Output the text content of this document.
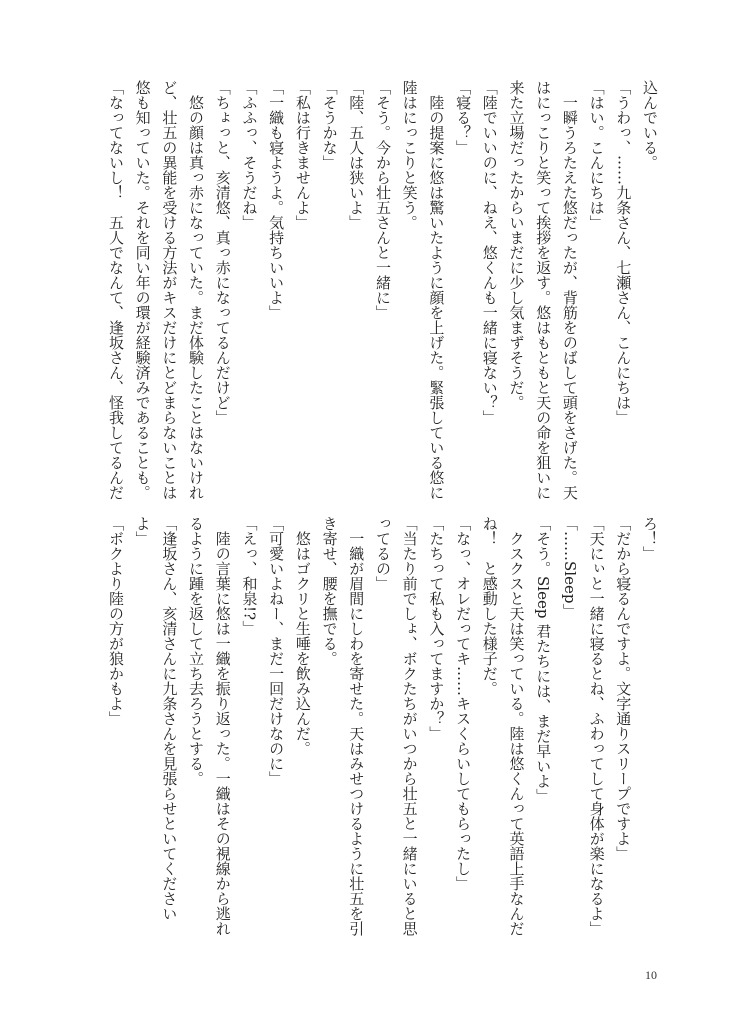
込んでいる。
「うわっ、……九条さん、七瀬さん、こんにちは」
「はい。こんにちは」
　一瞬うろたえた悠だったが、背筋をのばして頭をさげた。天
はにっこりと笑って挨拶を返す。悠はもともと天の命を狙いに
来た立場だったからいまだに少し気まずそうだ。
「陸でいいのに、ねえ、悠くんも一緒に寝ない？」
「寝る？」
　陸の提案に悠は驚いたように顔を上げた。緊張している悠に
陸はにっこりと笑う。
「そう。今から壮五さんと一緒に」
「陸、五人は狭いよ」
「そうかな」
「私は行きませんよ」
「一織も寝ようよ。気持ちいいよ」
「ふふっ、そうだね」
「ちょっと、亥清悠、真っ赤になってるんだけど」
　悠の顔は真っ赤になっていた。まだ体験したことはないけれ
ど、壮五の異能を受ける方法がキスだけにとどまらないことは
悠も知っていた。それを同い年の環が経験済みであることも。
「なってないし！　五人でなんて、逢坂さん、怪我してるんだ
ろ！」
「だから寝るんですよ。文字通りスリープですよ」
「天にぃと一緒に寝るとね、ふわってして身体が楽になるよ」
「……Sleep」
「そう。Sleep 君たちには、まだ早いよ」
　クスクスと天は笑っている。陸は悠くんって英語上手なんだ
ね！　と感動した様子だ。
「なっ、オレだってキ……キスくらいしてもらったし」
「たちって私も入ってますか？」
「当たり前でしょ、ボクたちがいつから壮五と一緒にいると思
ってるの」
　一織が眉間にしわを寄せた。天はみせつけるように壮五を引
き寄せ、腰を撫でる。
　悠はゴクリと生唾を飲み込んだ。
「可愛いよねー、まだ一回だけなのに」
「えっ、和泉!?」
　陸の言葉に悠は一織を振り返った。一織はその視線から逃れ
るように踵を返して立ち去ろうとする。
「逢坂さん、亥清さんに九条さんを見張らせといてください
よ」
「ボクより陸の方が狼かもよ」
10
